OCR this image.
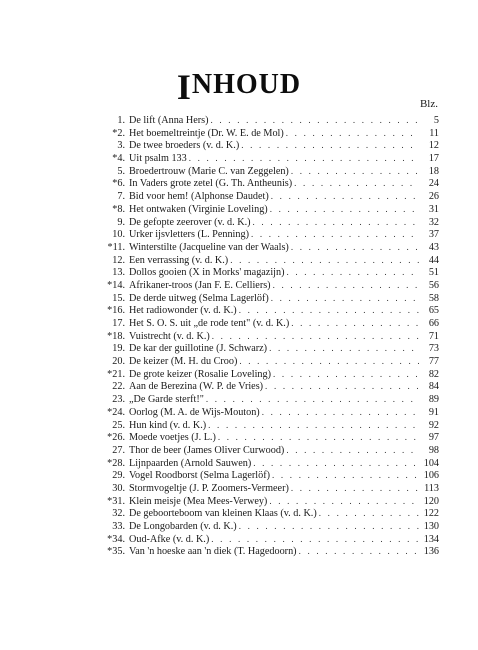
INHOUD
Blz.
1. De lift (Anna Hers) . . .	5
*2. Het boemeltreintje (Dr. W. E. de Mol) . . .	11
3. De twee broeders (v. d. K.) . . .	12
*4. Uit psalm 133 . . .	17
5. Broedertrouw (Marie C. van Zeggelen) . . .	18
*6. In Vaders grote zetel (G. Th. Antheunis) . . .	24
7. Bid voor hem! (Alphonse Daudet) . . .	26
*8. Het ontwaken (Virginie Loveling) . . .	31
9. De gefopte zeerover (v. d. K.) . . .	32
10. Urker ijsvletters (L. Penning) . . .	37
*11. Winterstilte (Jacqueline van der Waals) . . .	43
12. Een verrassing (v. d. K.) . . .	44
13. Dollos gooien (X in Morks' magazijn) . . .	51
*14. Afrikaner-troos (Jan F. E. Celliers) . . .	56
15. De derde uitweg (Selma Lagerlöf) . . .	58
*16. Het radiowonder (v. d. K.) . . .	65
17. Het S. O. S. uit „de rode tent" (v. d. K.) . . .	66
*18. Vuistrecht (v. d. K.) . . .	71
19. De kar der guillotine (J. Schwarz) . . .	73
20. De keizer (M. H. du Croo) . . .	77
*21. De grote keizer (Rosalie Loveling) . . .	82
22. Aan de Berezina (W. P. de Vries) . . .	84
23. „De Garde sterft!" . . .	89
*24. Oorlog (M. A. de Wijs-Mouton) . . .	91
25. Hun kind (v. d. K.) . . .	92
*26. Moede voetjes (J. L.) . . .	97
27. Thor de beer (James Oliver Curwood) . . .	98
*28. Lijnpaarden (Arnold Sauwen) . . .	104
29. Vogel Roodborst (Selma Lagerlöf) . . .	106
30. Stormvogeltje (J. P. Zoomers-Vermeer) . . .	113
*31. Klein meisje (Mea Mees-Verwey) . . .	120
32. De geboorteboom van kleinen Klaas (v. d. K.) . . .	122
33. De Longobarden (v. d. K.) . . .	130
*34. Oud-Afke (v. d. K.) . . .	134
*35. Van 'n hoeske aan 'n diek (T. Hagedoorn) . . .	136
